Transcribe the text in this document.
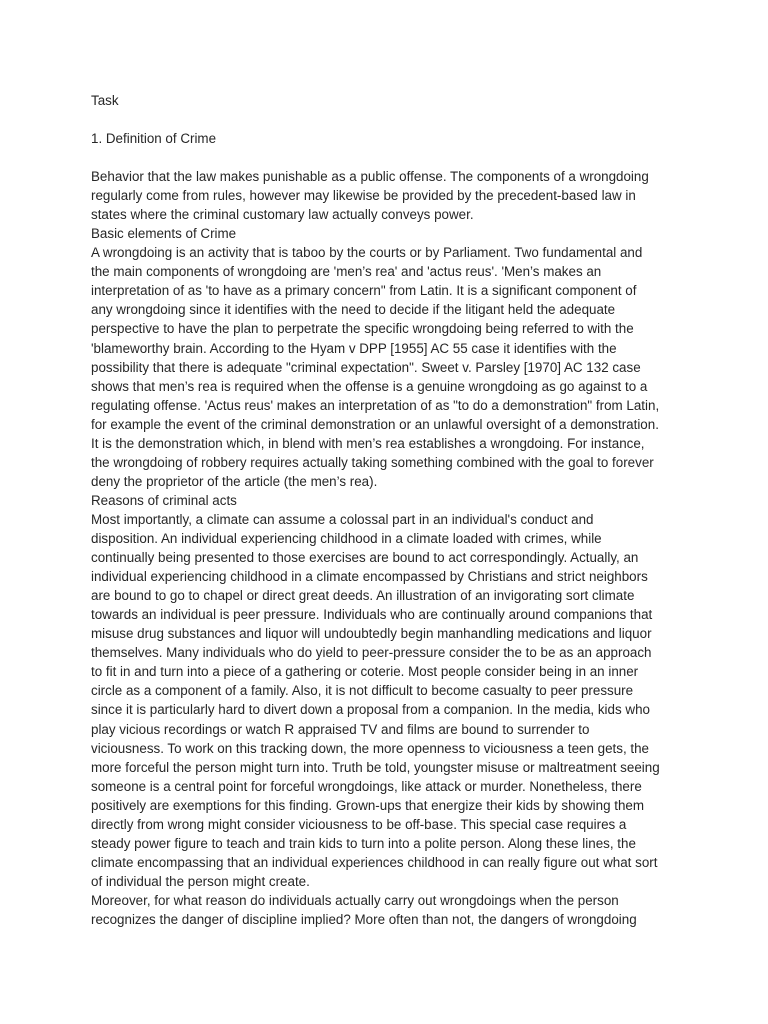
Task
1. Definition of Crime
Behavior that the law makes punishable as a public offense. The components of a wrongdoing
regularly come from rules, however may likewise be provided by the precedent-based law in
states where the criminal customary law actually conveys power.
Basic elements of Crime
A wrongdoing is an activity that is taboo by the courts or by Parliament. Two fundamental and
the main components of wrongdoing are 'men’s rea' and 'actus reus'. 'Men’s makes an
interpretation of as 'to have as a primary concern" from Latin. It is a significant component of
any wrongdoing since it identifies with the need to decide if the litigant held the adequate
perspective to have the plan to perpetrate the specific wrongdoing being referred to with the
'blameworthy brain. According to the Hyam v DPP [1955] AC 55 case it identifies with the
possibility that there is adequate "criminal expectation". Sweet v. Parsley [1970] AC 132 case
shows that men’s rea is required when the offense is a genuine wrongdoing as go against to a
regulating offense. 'Actus reus' makes an interpretation of as "to do a demonstration" from Latin,
for example the event of the criminal demonstration or an unlawful oversight of a demonstration.
It is the demonstration which, in blend with men’s rea establishes a wrongdoing. For instance,
the wrongdoing of robbery requires actually taking something combined with the goal to forever
deny the proprietor of the article (the men’s rea).
Reasons of criminal acts
Most importantly, a climate can assume a colossal part in an individual's conduct and
disposition. An individual experiencing childhood in a climate loaded with crimes, while
continually being presented to those exercises are bound to act correspondingly. Actually, an
individual experiencing childhood in a climate encompassed by Christians and strict neighbors
are bound to go to chapel or direct great deeds. An illustration of an invigorating sort climate
towards an individual is peer pressure. Individuals who are continually around companions that
misuse drug substances and liquor will undoubtedly begin manhandling medications and liquor
themselves. Many individuals who do yield to peer-pressure consider the to be as an approach
to fit in and turn into a piece of a gathering or coterie. Most people consider being in an inner
circle as a component of a family. Also, it is not difficult to become casualty to peer pressure
since it is particularly hard to divert down a proposal from a companion. In the media, kids who
play vicious recordings or watch R appraised TV and films are bound to surrender to
viciousness. To work on this tracking down, the more openness to viciousness a teen gets, the
more forceful the person might turn into. Truth be told, youngster misuse or maltreatment seeing
someone is a central point for forceful wrongdoings, like attack or murder. Nonetheless, there
positively are exemptions for this finding. Grown-ups that energize their kids by showing them
directly from wrong might consider viciousness to be off-base. This special case requires a
steady power figure to teach and train kids to turn into a polite person. Along these lines, the
climate encompassing that an individual experiences childhood in can really figure out what sort
of individual the person might create.
Moreover, for what reason do individuals actually carry out wrongdoings when the person
recognizes the danger of discipline implied? More often than not, the dangers of wrongdoing
